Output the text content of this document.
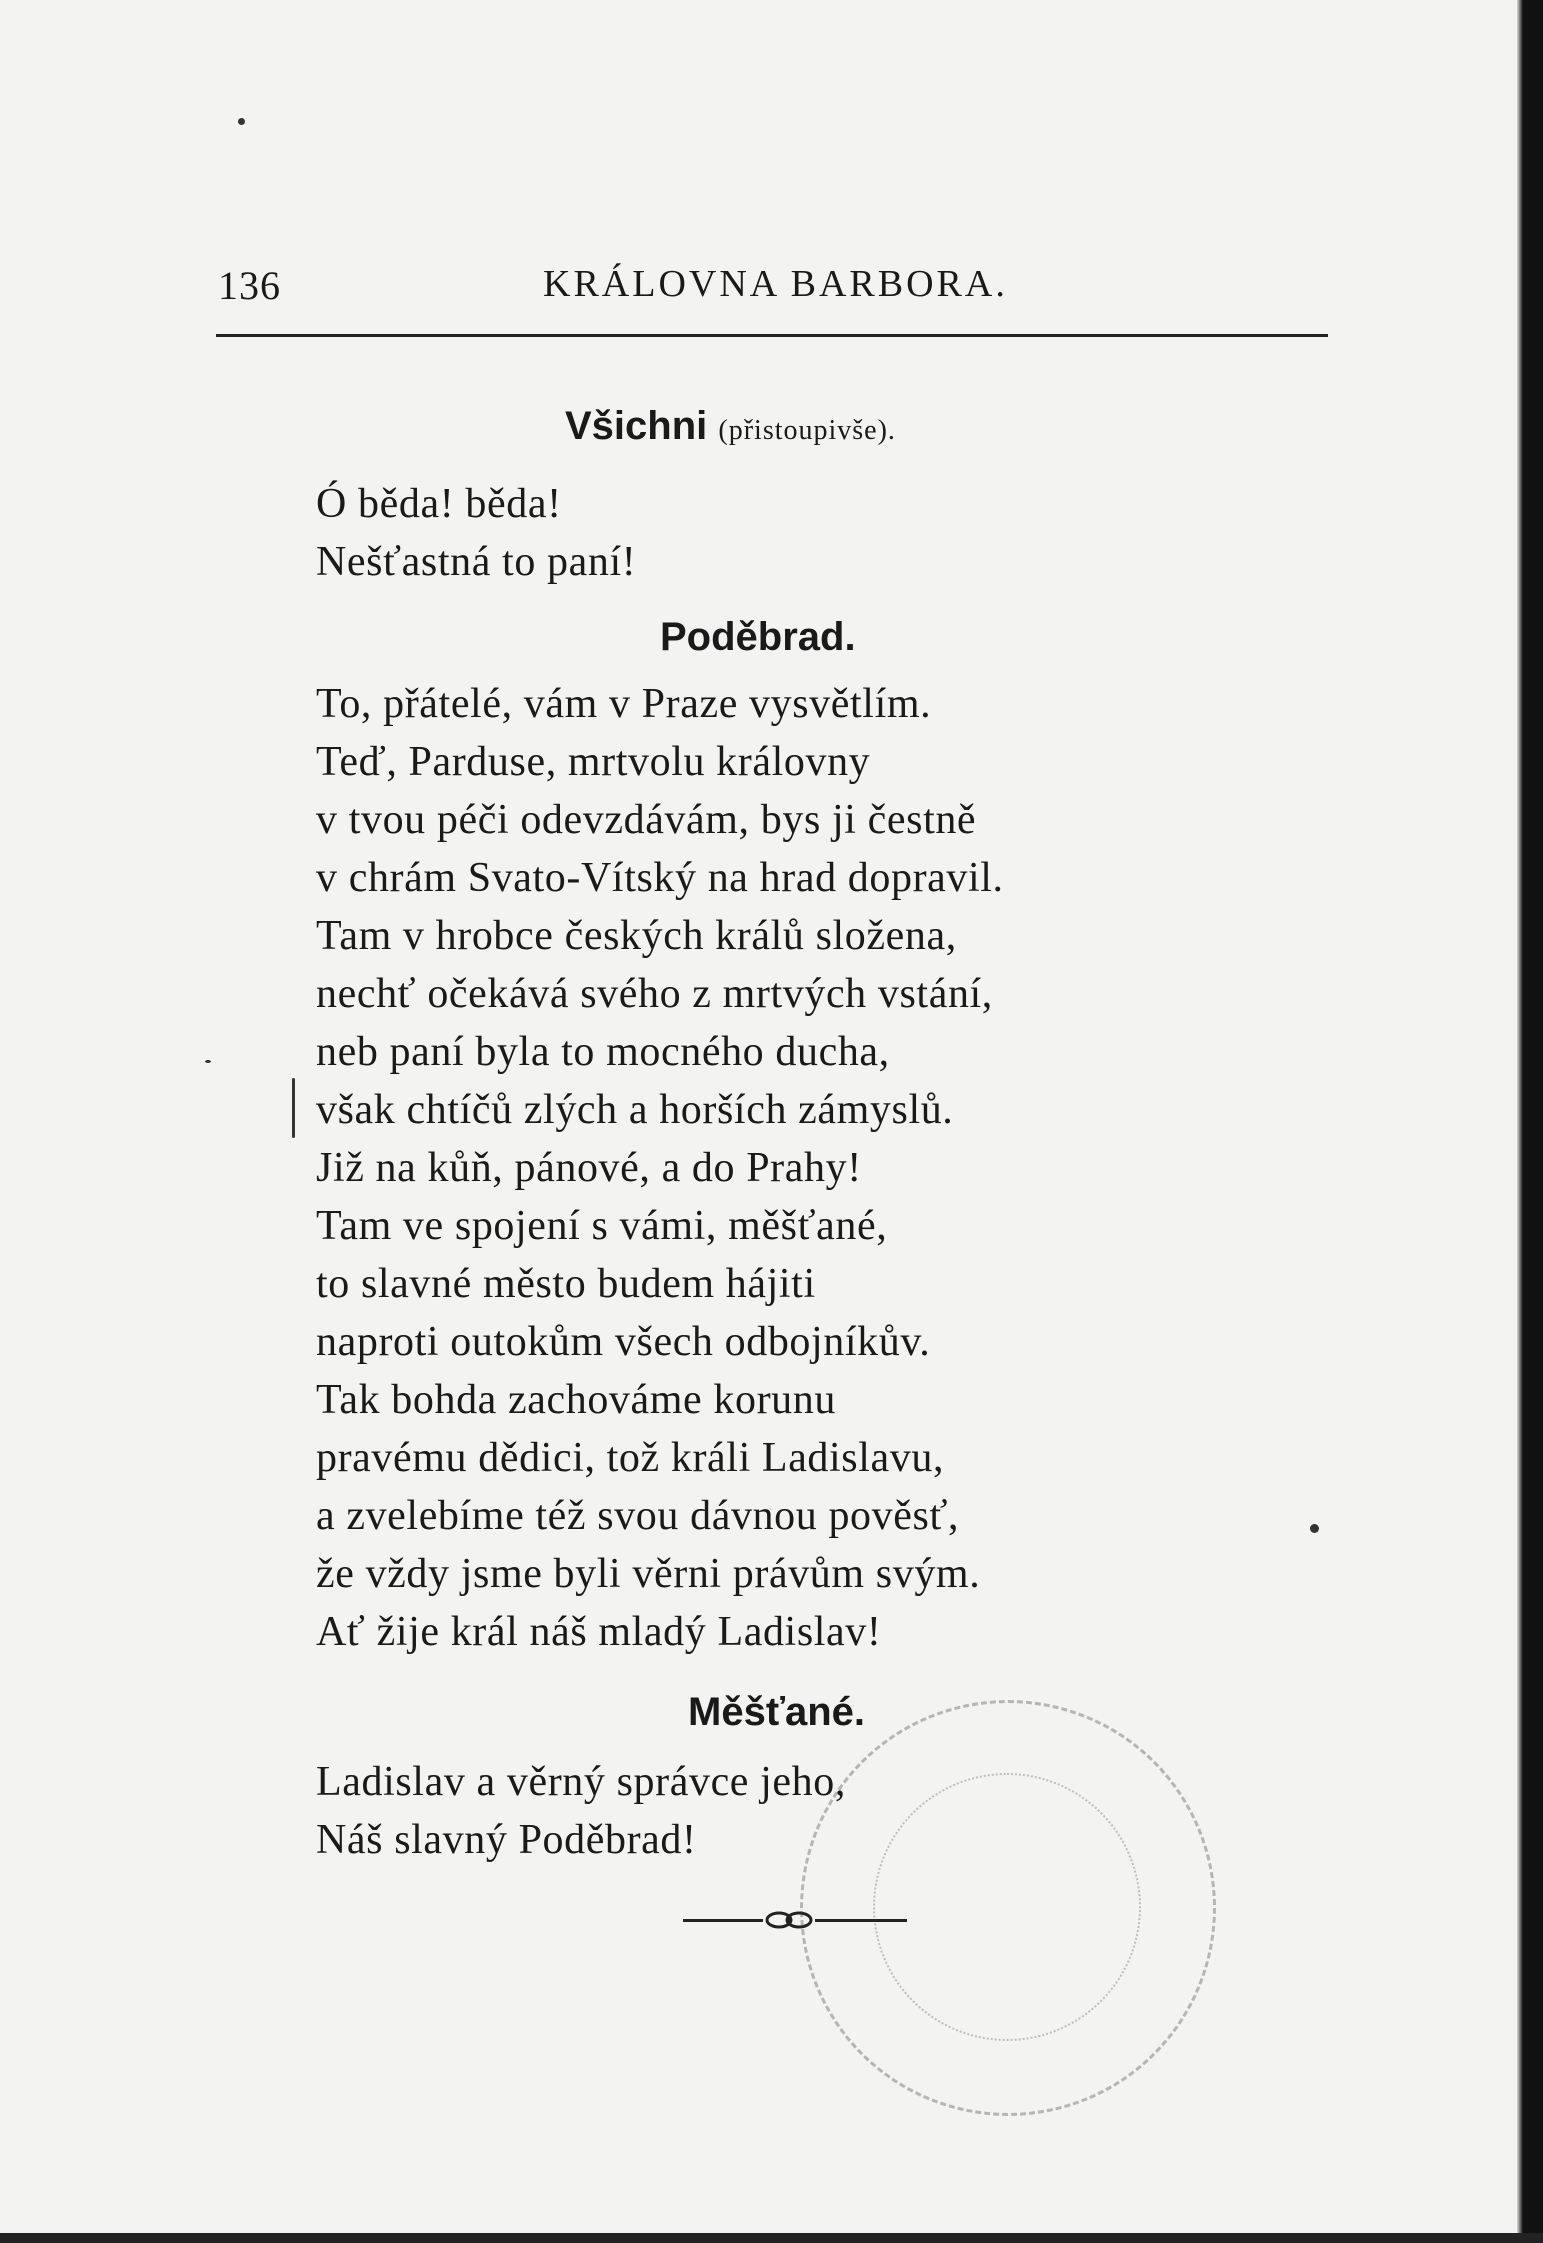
136	KRÁLOVNA BARBORA.
Všichni (přistoupivše).
Ó běda! běda!
Nešťastná to paní!
Poděbrad.
To, přátelé, vám v Praze vysvětlím.
Teď, Parduse, mrtvolu královny
v tvou péči odevzdávám, bys ji čestně
v chrám Svato-Vítský na hrad dopravil.
Tam v hrobce českých králů složena,
nechť očekává svého z mrtvých vstání,
neb paní byla to mocného ducha,
však chtíčů zlých a horších zámyslů.
Již na kůň, pánové, a do Prahy!
Tam ve spojení s vámi, měšťané,
to slavné město budem hájiti
naproti outokům všech odbojníkův.
Tak bohda zachováme korunu
pravému dědici, tož králi Ladislavu,
a zvelebíme též svou dávnou pověsť,
že vždy jsme byli věrni právům svým.
Ať žije král náš mladý Ladislav!
Měšťané.
Ladislav a věrný správce jeho,
Náš slavný Poděbrad!
